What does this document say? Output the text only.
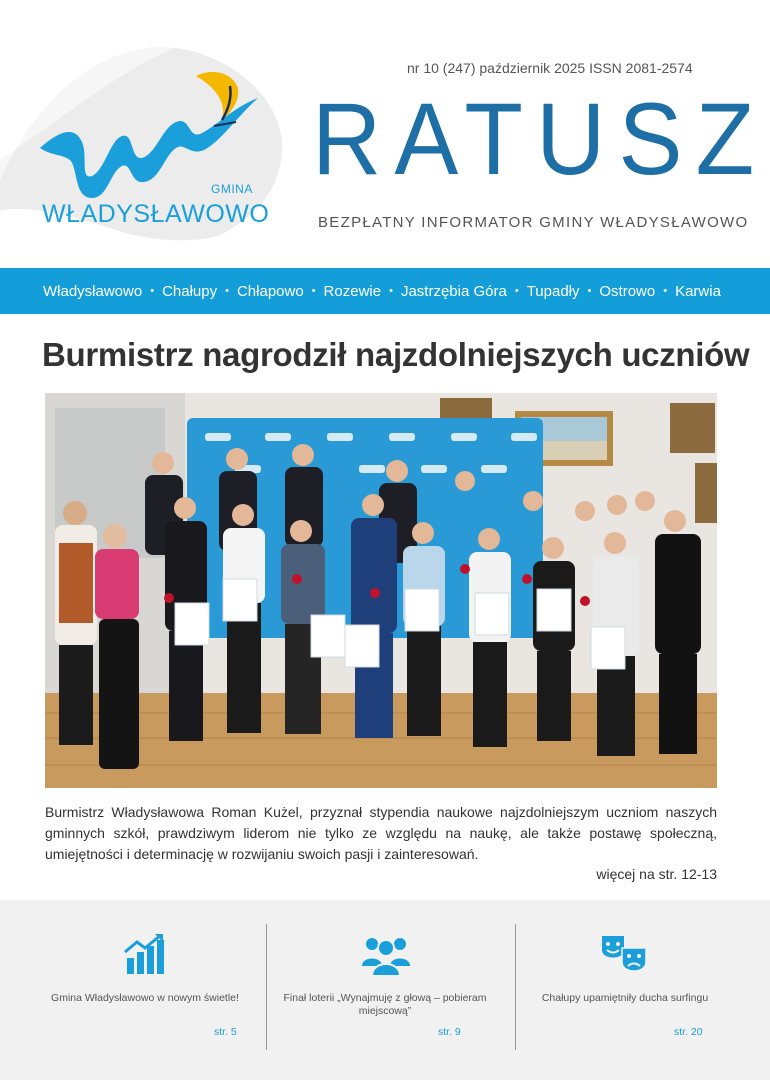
GMINA
WŁADYSŁAWOWO
nr 10 (247) październik 2025 ISSN 2081-2574
RATUSZ
BEZPŁATNY INFORMATOR GMINY WŁADYSŁAWOWO
Władysławowo • Chałupy • Chłapowo • Rozewie • Jastrzębia Góra • Tupadły • Ostrowo • Karwia
Burmistrz nagrodził najzdolniejszych uczniów

Burmistrz Władysławowa Roman Kużel, przyznał stypendia naukowe najzdolniejszym uczniom naszych gminnych szkół, prawdziwym liderom nie tylko ze względu na naukę, ale także postawę społeczną, umiejętności i determinację w rozwijaniu swoich pasji i zainteresowań.

więcej na str. 12-13
Gmina Władysławowo w nowym świetle!
str. 5
Finał loterii „Wynajmuję z głową – pobieram miejscową”
str. 9
Chałupy upamiętniły ducha surfingu
str. 20
